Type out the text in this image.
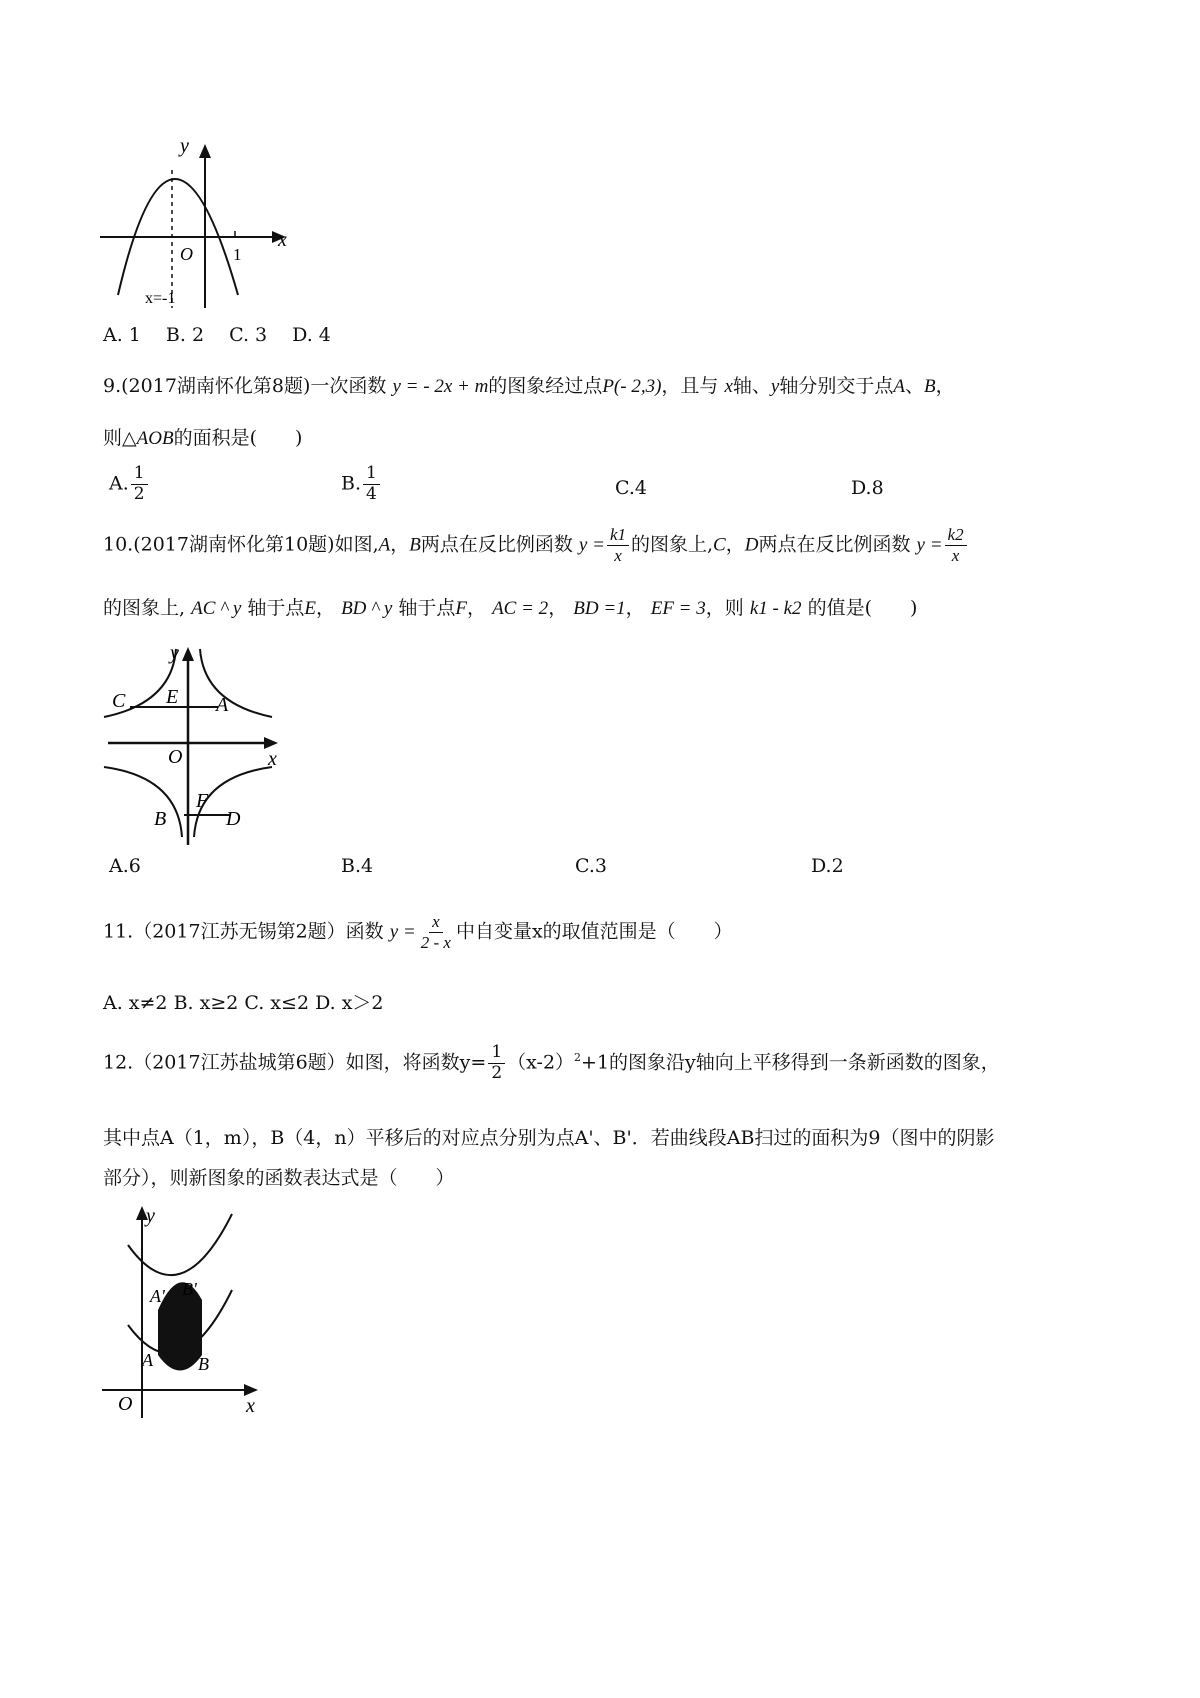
y
x
O 1
x=-1
A. 1　 B. 2　 C. 3　 D. 4
9.(2017湖南怀化第8题)一次函数 y = - 2x + m的图象经过点P(- 2,3)，且与 x轴、y轴分别交于点A、B，
则△AOB的面积是(　　)
A. $\frac{1}{2}$	B. $\frac{1}{4}$	C.4	D.8
10.(2017湖南怀化第10题)如图,A，B两点在反比例函数 $y = \frac{k1}{x}$ 的图象上,C，D两点在反比例函数 $y = \frac{k2}{x}$
的图象上, AC ^ y 轴于点E， BD ^ y 轴于点F， AC = 2， BD =1， EF = 3，则 k1 - k2 的值是(　　)
y
x
O
C E A
F
B	D
A.6	B.4	C.3	D.2
11.（2017江苏无锡第2题）函数 $y = \frac{x}{2 - x}$ 中自变量x的取值范围是（　　）
A. x≠2 B. x≥2 C. x≤2 D. x＞2
12.（2017江苏盐城第6题）如图，将函数$y= \frac{1}{2} (x-2)^2+1$的图象沿y轴向上平移得到一条新函数的图象，
其中点A（1，m），B（4，n）平移后的对应点分别为点A'、B'．若曲线段AB扫过的面积为9（图中的阴影
部分），则新图象的函数表达式是（　　）
y
x
O
A' B'
A	B
